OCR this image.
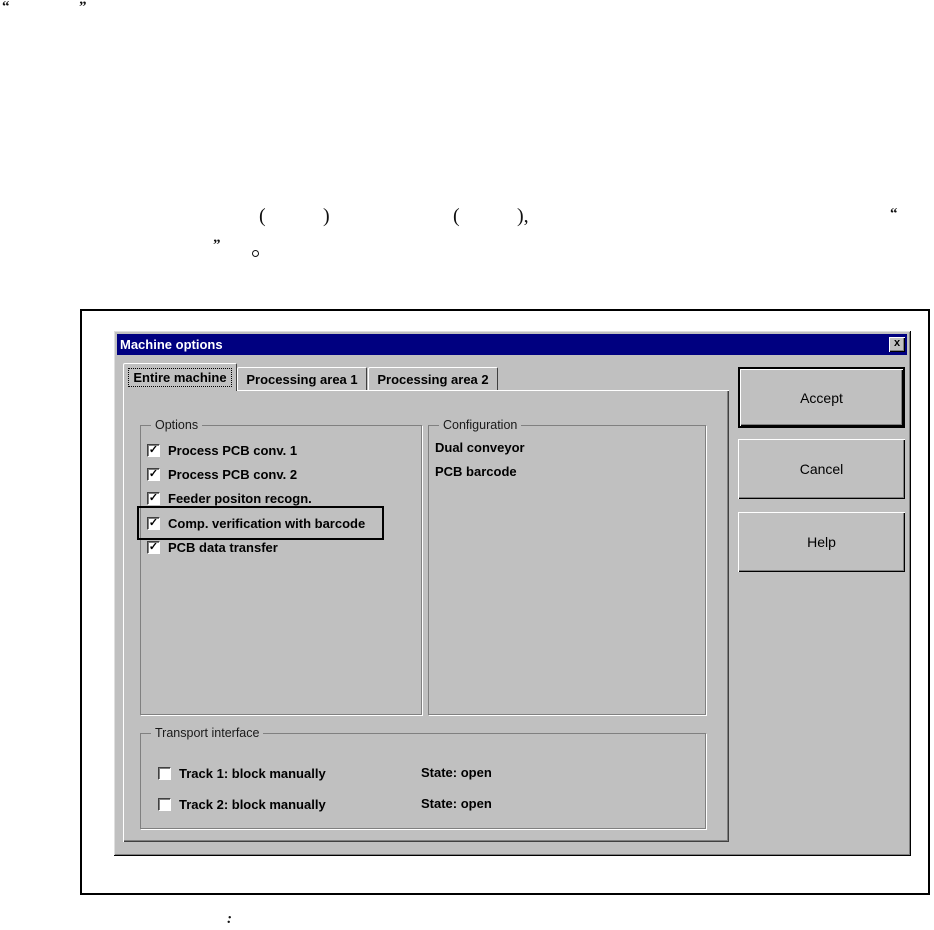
“	”
(	)	(	),	“
”
:
Machine options	x
Entire machine	Processing area 1 Processing area 2
Options
✓ Process PCB conv. 1
✓ Process PCB conv. 2
✓ Feeder positon recogn.
✓ Comp. verification with barcode
✓ PCB data transfer
Configuration
Dual conveyor
PCB barcode
Transport interface
Track 1: block manually	State: open
Track 2: block manually	State: open
Accept
Cancel
Help
